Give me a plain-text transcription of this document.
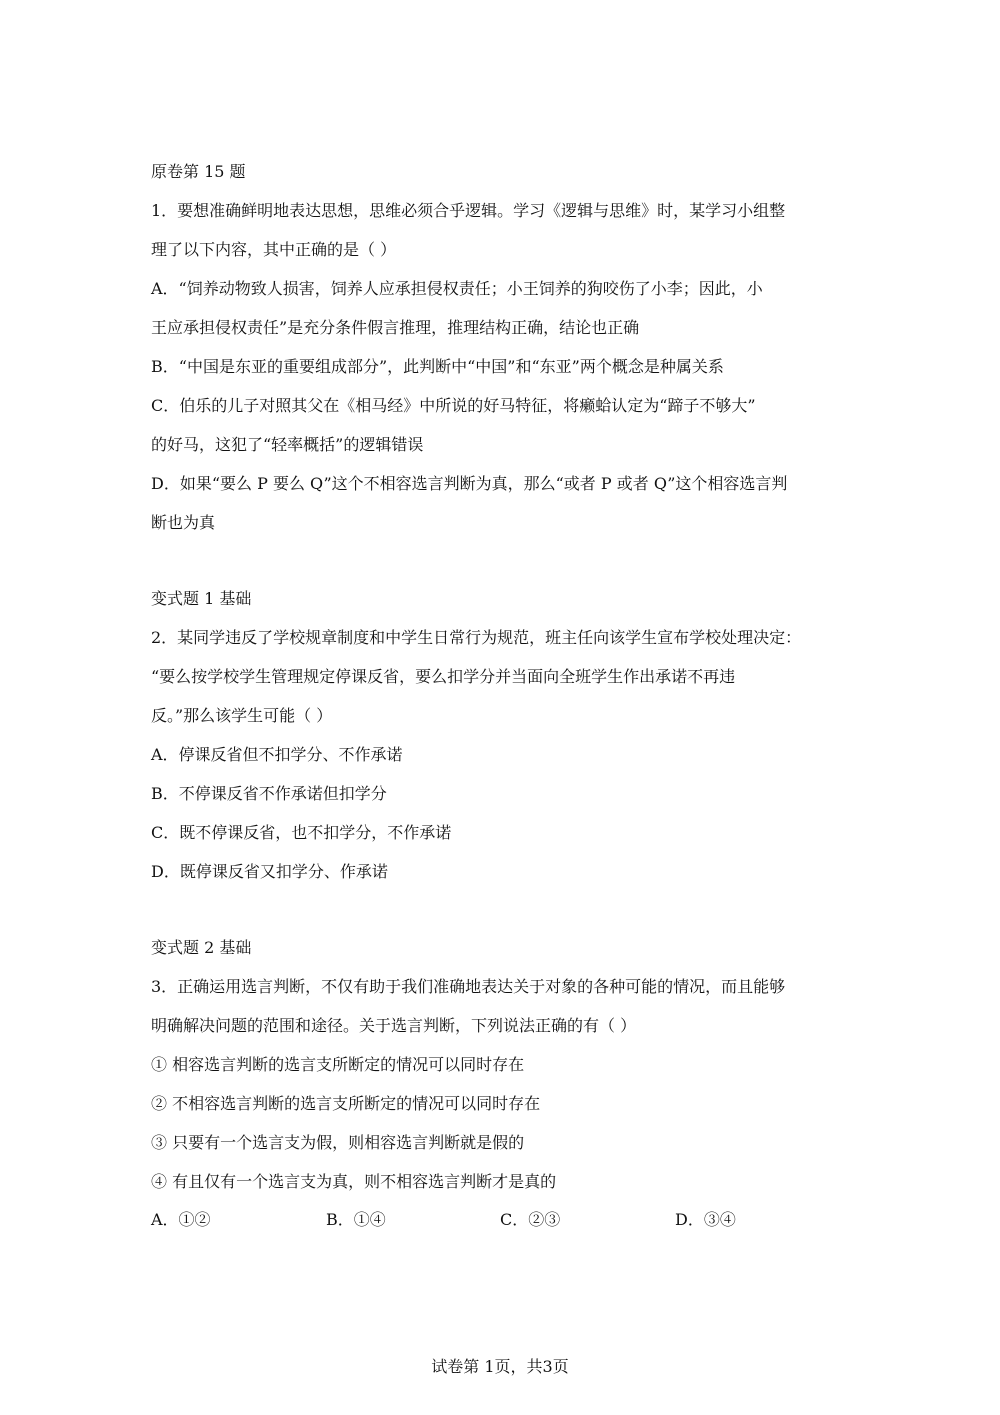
原卷第 15 题
1．要想准确鲜明地表达思想，思维必须合乎逻辑。学习《逻辑与思维》时，某学习小组整
理了以下内容，其中正确的是（ ）
A．“饲养动物致人损害，饲养人应承担侵权责任；小王饲养的狗咬伤了小李；因此，小
王应承担侵权责任”是充分条件假言推理，推理结构正确，结论也正确
B．“中国是东亚的重要组成部分”，此判断中“中国”和“东亚”两个概念是种属关系
C．伯乐的儿子对照其父在《相马经》中所说的好马特征，将癞蛤认定为“蹄子不够大”
的好马，这犯了“轻率概括”的逻辑错误
D．如果“要么 P 要么 Q”这个不相容选言判断为真，那么“或者 P 或者 Q”这个相容选言判
断也为真
变式题 1 基础
2．某同学违反了学校规章制度和中学生日常行为规范，班主任向该学生宣布学校处理决定：
“要么按学校学生管理规定停课反省，要么扣学分并当面向全班学生作出承诺不再违
反。”那么该学生可能（ ）
A．停课反省但不扣学分、不作承诺
B．不停课反省不作承诺但扣学分
C．既不停课反省，也不扣学分，不作承诺
D．既停课反省又扣学分、作承诺
变式题 2 基础
3．正确运用选言判断，不仅有助于我们准确地表达关于对象的各种可能的情况，而且能够
明确解决问题的范围和途径。关于选言判断，下列说法正确的有（ ）
① 相容选言判断的选言支所断定的情况可以同时存在
② 不相容选言判断的选言支所断定的情况可以同时存在
③ 只要有一个选言支为假，则相容选言判断就是假的
④ 有且仅有一个选言支为真，则不相容选言判断才是真的
A．①②	B．①④	C．②③	D．③④
试卷第 1页，共3页
